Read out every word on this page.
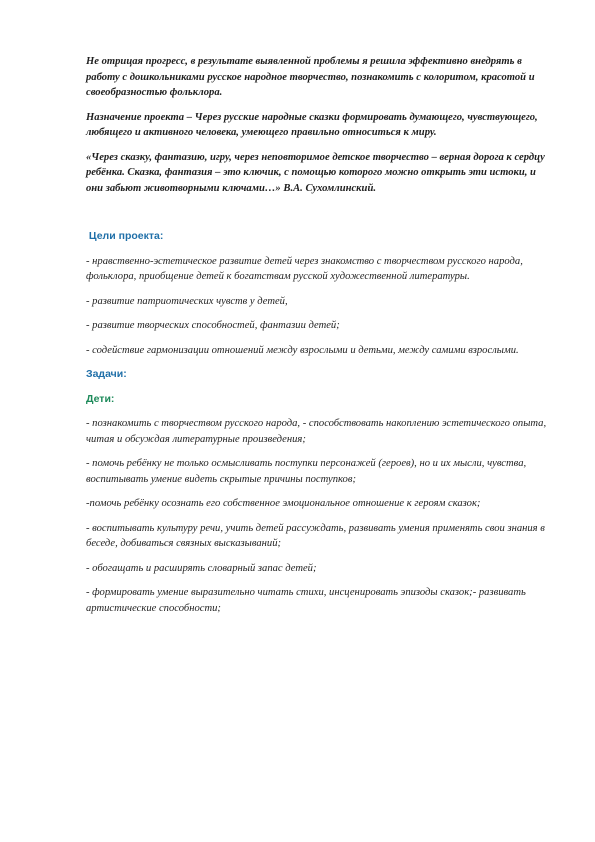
Не отрицая прогресс, в результате выявленной проблемы я решила эффективно внедрять в работу с дошкольниками русское народное творчество, познакомить с колоритом, красотой и своеобразностью фольклора.

Назначение проекта – Через русские народные сказки формировать думающего, чувствующего, любящего и активного человека, умеющего правильно относиться к миру.

«Через сказку, фантазию, игру, через неповторимое детское творчество – верная дорога к сердцу ребёнка. Сказка, фантазия – это ключик, с помощью которого можно открыть эти истоки, и они забьют животворными ключами…» В.А. Сухомлинский.

Цели проекта:

- нравственно-эстетическое развитие детей через знакомство с творчеством русского народа, фольклора, приобщение детей к богатствам русской художественной литературы.

- развитие патриотических чувств у детей,

- развитие творческих способностей, фантазии детей;

- содействие гармонизации отношений между взрослыми и детьми, между самими взрослыми.

Задачи:

Дети:

- познакомить с творчеством русского народа, - способствовать накоплению эстетического опыта, читая и обсуждая литературные произведения;

- помочь ребёнку не только осмысливать поступки персонажей (героев), но и их мысли, чувства, воспитывать умение видеть скрытые причины поступков;

-помочь ребёнку осознать его собственное эмоциональное отношение к героям сказок;

- воспитывать культуру речи, учить детей рассуждать, развивать умения применять свои знания в беседе, добиваться связных высказываний;

- обогащать и расширять словарный запас детей;

- формировать умение выразительно читать стихи, инсценировать эпизоды сказок;- развивать артистические способности;
